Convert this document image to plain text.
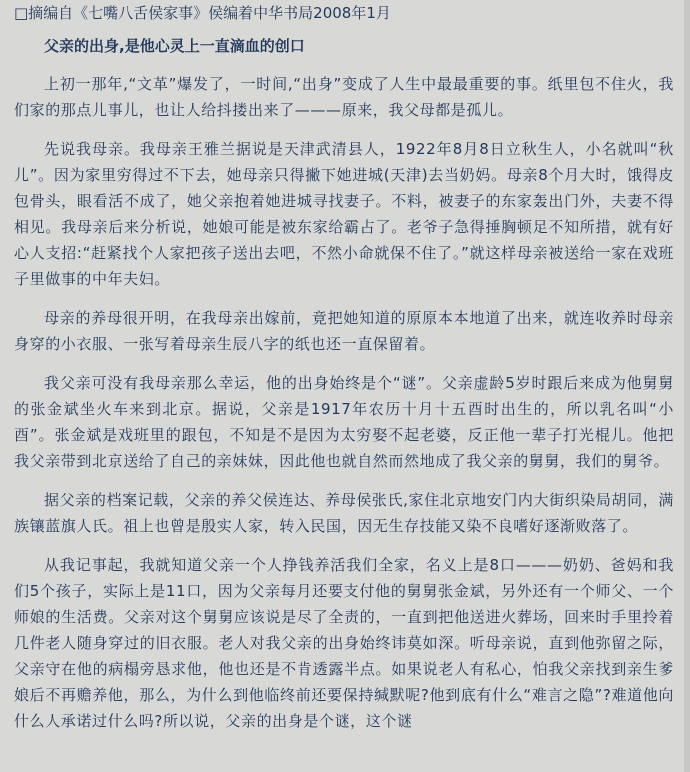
□摘编自《七嘴八舌侯家事》侯编着中华书局2008年1月
父亲的出身,是他心灵上一直滴血的创口

上初一那年,“文革”爆发了，一时间,“出身”变成了人生中最最重要的事。纸里包不住火，我们家的那点儿事儿，也让人给抖搂出来了———原来，我父母都是孤儿。

先说我母亲。我母亲王雅兰据说是天津武清县人，1922年8月8日立秋生人，小名就叫“秋儿”。因为家里穷得过不下去，她母亲只得撇下她进城(天津)去当奶妈。母亲8个月大时，饿得皮包骨头，眼看活不成了，她父亲抱着她进城寻找妻子。不料，被妻子的东家轰出门外，夫妻不得相见。我母亲后来分析说，她娘可能是被东家给霸占了。老爷子急得捶胸顿足不知所措，就有好心人支招:“赶紧找个人家把孩子送出去吧，不然小命就保不住了。”就这样母亲被送给一家在戏班子里做事的中年夫妇。

母亲的养母很开明，在我母亲出嫁前，竟把她知道的原原本本地道了出来，就连收养时母亲身穿的小衣服、一张写着母亲生辰八字的纸也还一直保留着。

我父亲可没有我母亲那么幸运，他的出身始终是个“谜”。父亲虚龄5岁时跟后来成为他舅舅的张金斌坐火车来到北京。据说，父亲是1917年农历十月十五酉时出生的，所以乳名叫“小酉”。张金斌是戏班里的跟包，不知是不是因为太穷娶不起老婆，反正他一辈子打光棍儿。他把我父亲带到北京送给了自己的亲妹妹，因此他也就自然而然地成了我父亲的舅舅，我们的舅爷。

据父亲的档案记载，父亲的养父侯连达、养母侯张氏,家住北京地安门内大街织染局胡同，满族镶蓝旗人氏。祖上也曾是殷实人家，转入民国，因无生存技能又染不良嗜好逐渐败落了。

从我记事起，我就知道父亲一个人挣钱养活我们全家，名义上是8口———奶奶、爸妈和我们5个孩子，实际上是11口，因为父亲每月还要支付他的舅舅张金斌，另外还有一个师父、一个师娘的生活费。父亲对这个舅舅应该说是尽了全责的，一直到把他送进火葬场，回来时手里拎着几件老人随身穿过的旧衣服。老人对我父亲的出身始终讳莫如深。听母亲说，直到他弥留之际，父亲守在他的病榻旁恳求他，他也还是不肯透露半点。如果说老人有私心，怕我父亲找到亲生爹娘后不再赡养他，那么，为什么到他临终前还要保持缄默呢?他到底有什么“难言之隐”?难道他向什么人承诺过什么吗?所以说，父亲的出身是个谜，这个谜
